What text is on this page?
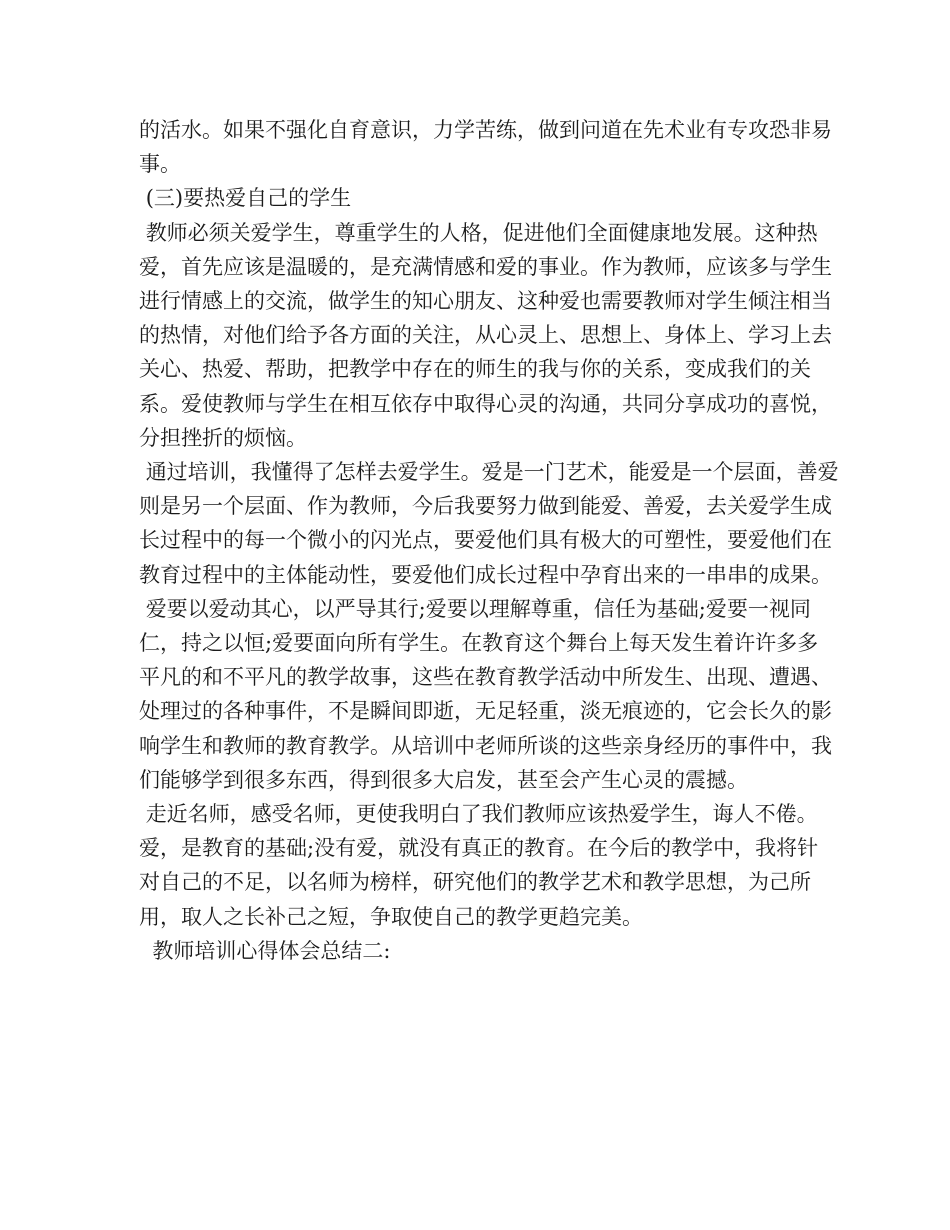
的活水。如果不强化自育意识，力学苦练，做到问道在先术业有专攻恐非易事。

(三)要热爱自己的学生

教师必须关爱学生，尊重学生的人格，促进他们全面健康地发展。这种热爱，首先应该是温暖的，是充满情感和爱的事业。作为教师，应该多与学生进行情感上的交流，做学生的知心朋友、这种爱也需要教师对学生倾注相当的热情，对他们给予各方面的关注，从心灵上、思想上、身体上、学习上去关心、热爱、帮助，把教学中存在的师生的我与你的关系，变成我们的关系。爱使教师与学生在相互依存中取得心灵的沟通，共同分享成功的喜悦，分担挫折的烦恼。

通过培训，我懂得了怎样去爱学生。爱是一门艺术，能爱是一个层面，善爱则是另一个层面、作为教师，今后我要努力做到能爱、善爱，去关爱学生成长过程中的每一个微小的闪光点，要爱他们具有极大的可塑性，要爱他们在教育过程中的主体能动性，要爱他们成长过程中孕育出来的一串串的成果。

爱要以爱动其心，以严导其行;爱要以理解尊重，信任为基础;爱要一视同仁，持之以恒;爱要面向所有学生。在教育这个舞台上每天发生着许许多多平凡的和不平凡的教学故事，这些在教育教学活动中所发生、出现、遭遇、处理过的各种事件，不是瞬间即逝，无足轻重，淡无痕迹的，它会长久的影响学生和教师的教育教学。从培训中老师所谈的这些亲身经历的事件中，我们能够学到很多东西，得到很多大启发，甚至会产生心灵的震撼。

走近名师，感受名师，更使我明白了我们教师应该热爱学生，诲人不倦。爱，是教育的基础;没有爱，就没有真正的教育。在今后的教学中，我将针对自己的不足，以名师为榜样，研究他们的教学艺术和教学思想，为己所用，取人之长补己之短，争取使自己的教学更趋完美。

教师培训心得体会总结二:
